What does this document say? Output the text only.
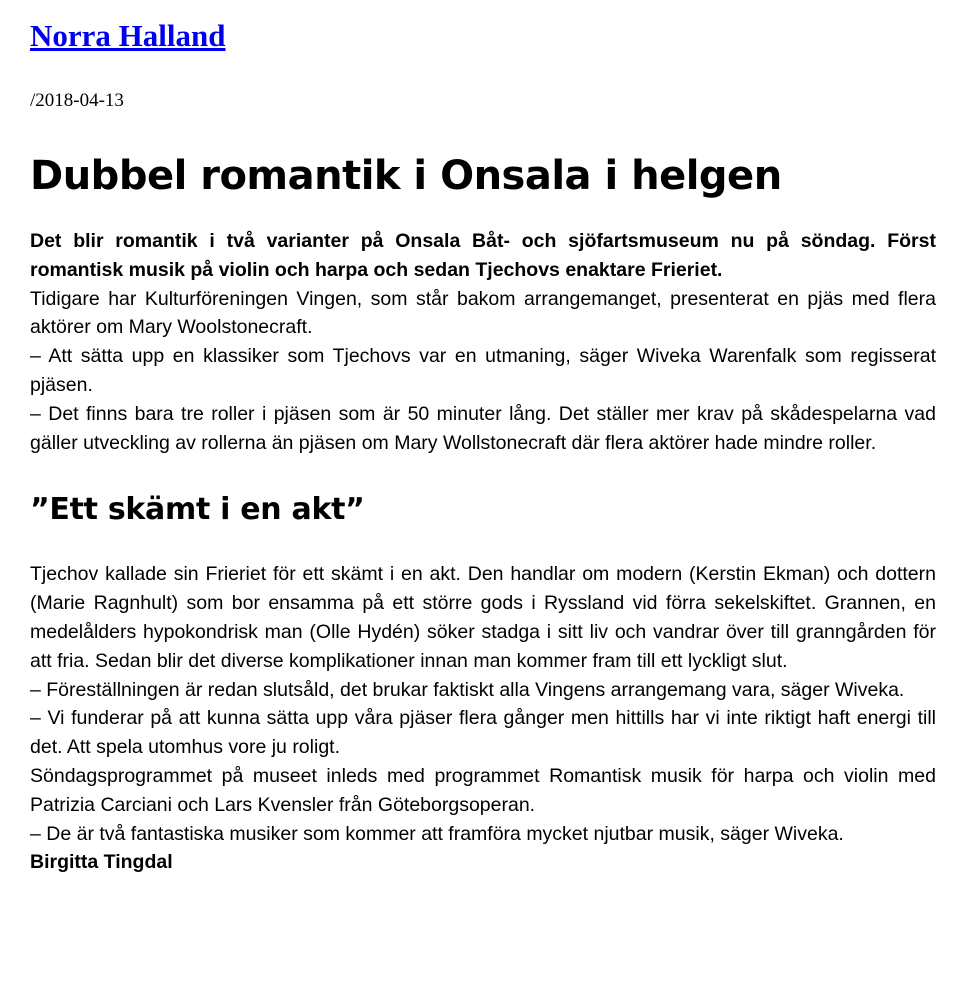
Norra Halland
/2018-04-13
Dubbel romantik i Onsala i helgen

Det blir romantik i två varianter på Onsala Båt- och sjöfartsmuseum nu på söndag. Först romantisk musik på violin och harpa och sedan Tjechovs enaktare Frieriet.

Tidigare har Kulturföreningen Vingen, som står bakom arrangemanget, presenterat en pjäs med flera aktörer om Mary Woolstonecraft.

– Att sätta upp en klassiker som Tjechovs var en utmaning, säger Wiveka Warenfalk som regisserat pjäsen.

– Det finns bara tre roller i pjäsen som är 50 minuter lång. Det ställer mer krav på skådespelarna vad gäller utveckling av rollerna än pjäsen om Mary Wollstonecraft där flera aktörer hade mindre roller.

”Ett skämt i en akt”

Tjechov kallade sin Frieriet för ett skämt i en akt. Den handlar om modern (Kerstin Ekman) och dottern (Marie Ragnhult) som bor ensamma på ett större gods i Ryssland vid förra sekelskiftet. Grannen, en medelålders hypokondrisk man (Olle Hydén) söker stadga i sitt liv och vandrar över till granngården för att fria. Sedan blir det diverse komplikationer innan man kommer fram till ett lyckligt slut.

– Föreställningen är redan slutsåld, det brukar faktiskt alla Vingens arrangemang vara, säger Wiveka.

– Vi funderar på att kunna sätta upp våra pjäser flera gånger men hittills har vi inte riktigt haft energi till det. Att spela utomhus vore ju roligt.

Söndagsprogrammet på museet inleds med programmet Romantisk musik för harpa och violin med Patrizia Carciani och Lars Kvensler från Göteborgsoperan.

– De är två fantastiska musiker som kommer att framföra mycket njutbar musik, säger Wiveka.

Birgitta Tingdal
